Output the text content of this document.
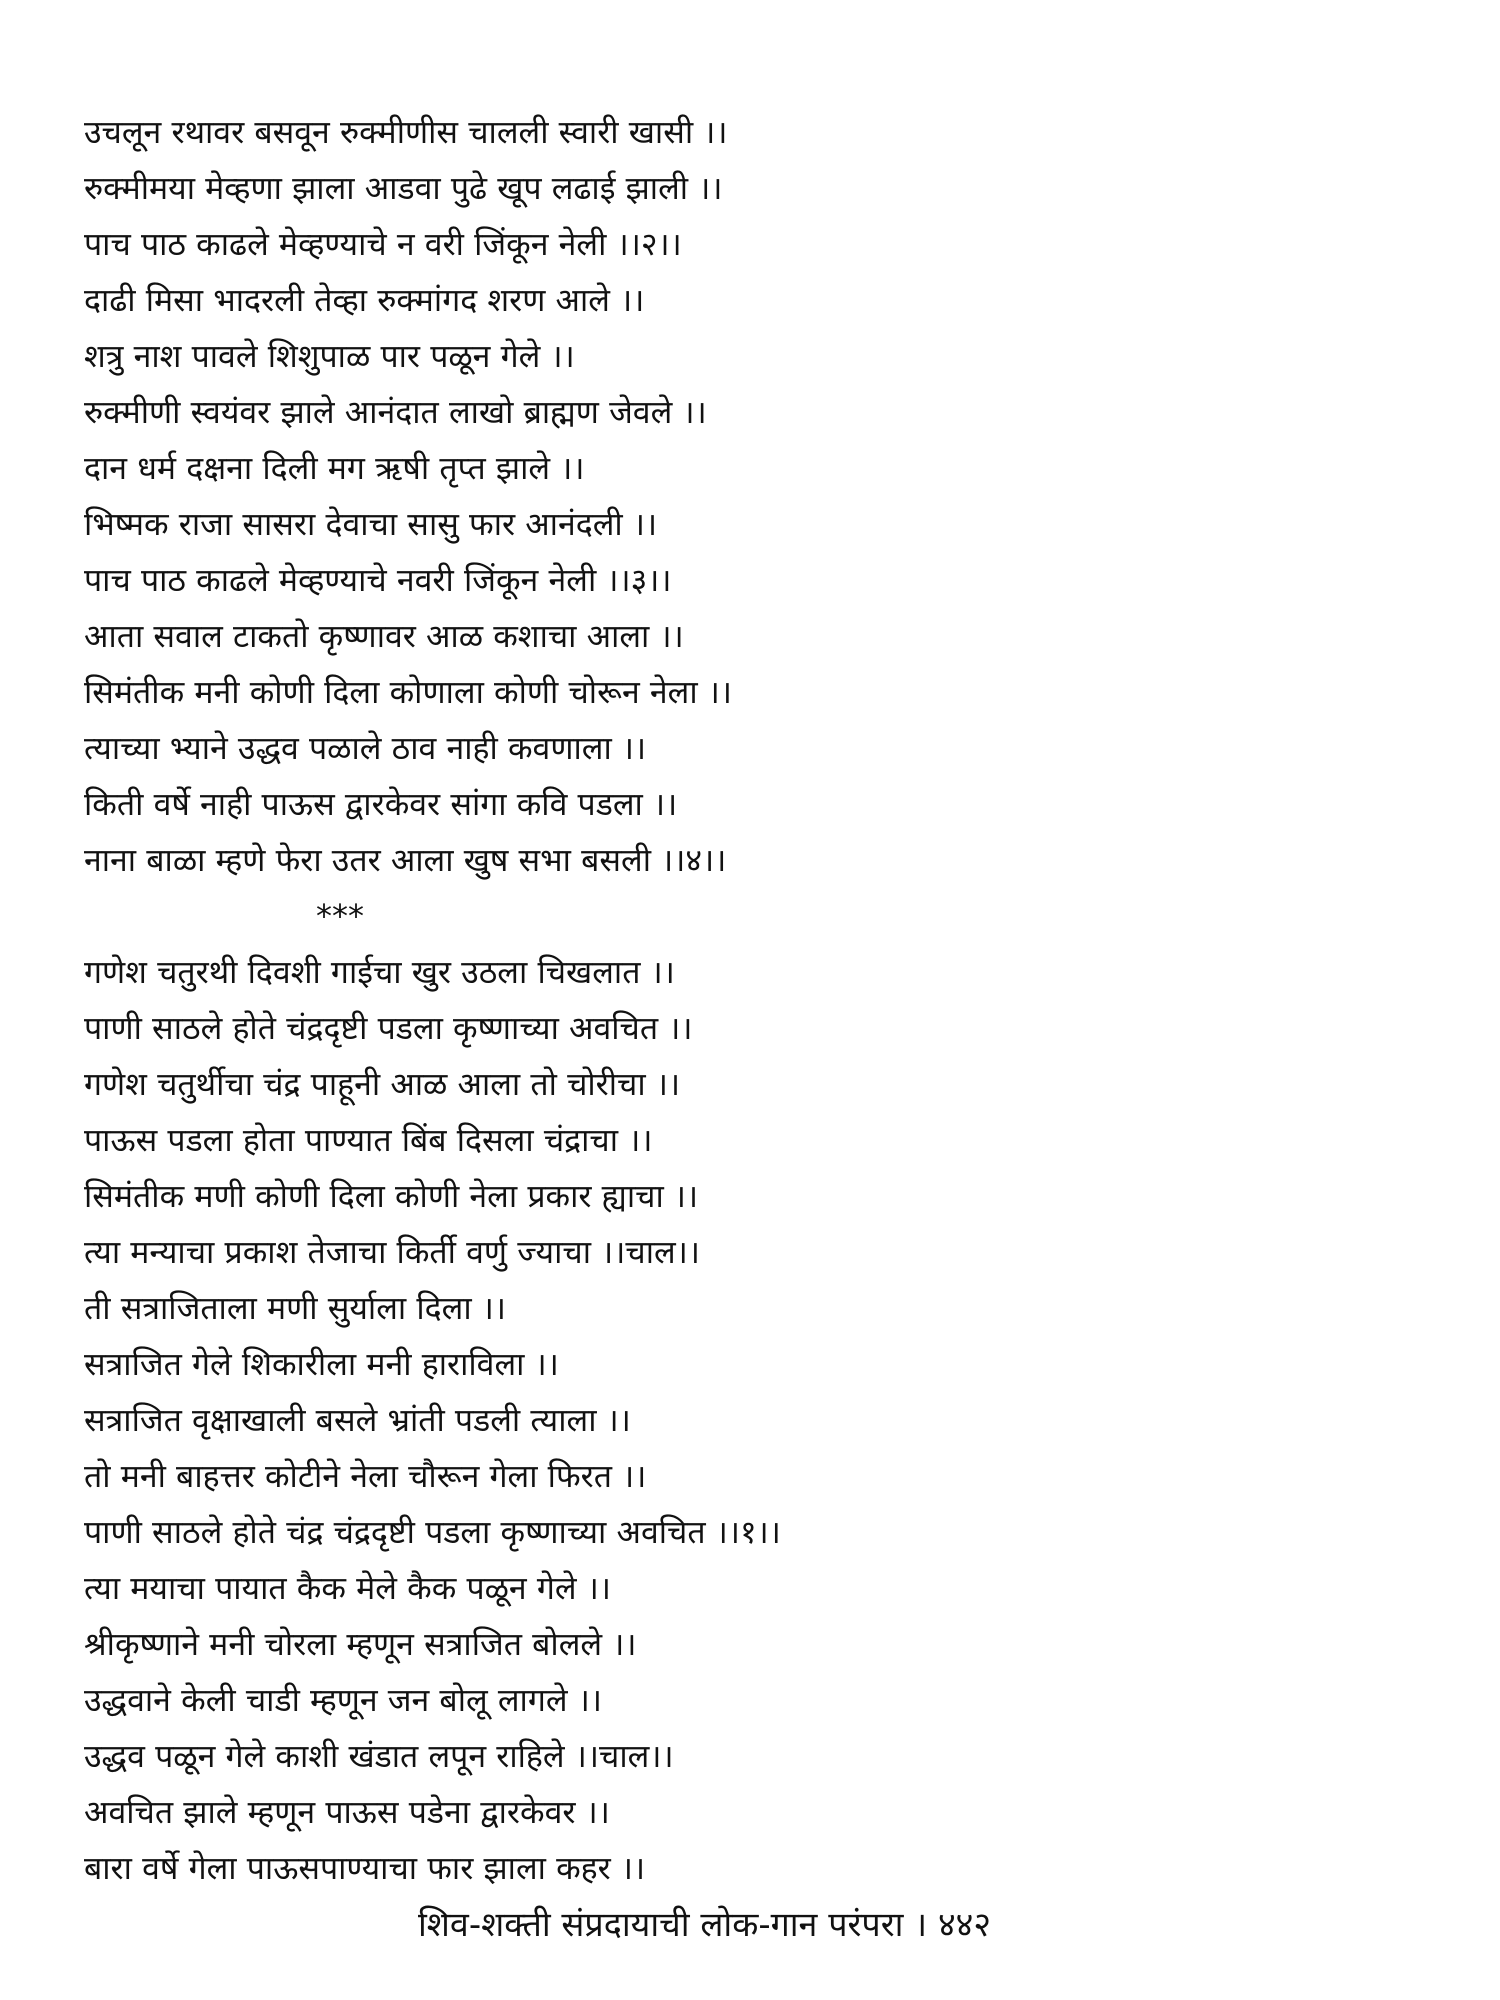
उचलून रथावर बसवून रुक्मीणीस चालली स्वारी खासी ।।
रुक्मीमया मेव्हणा झाला आडवा पुढे खूप लढाई झाली ।।
पाच पाठ काढले मेव्हण्याचे न वरी जिंकून नेली ।।२।।
दाढी मिसा भादरली तेव्हा रुक्मांगद शरण आले ।।
शत्रु नाश पावले शिशुपाळ पार पळून गेले ।।
रुक्मीणी स्वयंवर झाले आनंदात लाखो ब्राह्मण जेवले ।।
दान धर्म दक्षना दिली मग ऋषी तृप्त झाले ।।
भिष्मक राजा सासरा देवाचा सासु फार आनंदली ।।
पाच पाठ काढले मेव्हण्याचे नवरी जिंकून नेली ।।३।।
आता सवाल टाकतो कृष्णावर आळ कशाचा आला ।।
सिमंतीक मनी कोणी दिला कोणाला कोणी चोरून नेला ।।
त्याच्या भ्याने उद्धव पळाले ठाव नाही कवणाला ।।
किती वर्षे नाही पाऊस द्वारकेवर सांगा कवि पडला ।।
नाना बाळा म्हणे फेरा उतर आला खुष सभा बसली ।।४।।
***
गणेश चतुरथी दिवशी गाईचा खुर उठला चिखलात ।।
पाणी साठले होते चंद्रदृष्टी पडला कृष्णाच्या अवचित ।।
गणेश चतुर्थीचा चंद्र पाहूनी आळ आला तो चोरीचा ।।
पाऊस पडला होता पाण्यात बिंब दिसला चंद्राचा ।।
सिमंतीक मणी कोणी दिला कोणी नेला प्रकार ह्याचा ।।
त्या मन्याचा प्रकाश तेजाचा किर्ती वर्णु ज्याचा ।।चाल।।
ती सत्राजिताला मणी सुर्याला दिला ।।
सत्राजित गेले शिकारीला मनी हाराविला ।।
सत्राजित वृक्षाखाली बसले भ्रांती पडली त्याला ।।
तो मनी बाहत्तर कोटीने नेला चौरून गेला फिरत ।।
पाणी साठले होते चंद्र चंद्रदृष्टी पडला कृष्णाच्या अवचित ।।१।।
त्या मयाचा पायात कैक मेले कैक पळून गेले ।।
श्रीकृष्णाने मनी चोरला म्हणून सत्राजित बोलले ।।
उद्धवाने केली चाडी म्हणून जन बोलू लागले ।।
उद्धव पळून गेले काशी खंडात लपून राहिले ।।चाल।।
अवचित झाले म्हणून पाऊस पडेना द्वारकेवर ।।
बारा वर्षे गेला पाऊसपाण्याचा फार झाला कहर ।।
शिव-शक्ती संप्रदायाची लोक-गान परंपरा । ४४२
